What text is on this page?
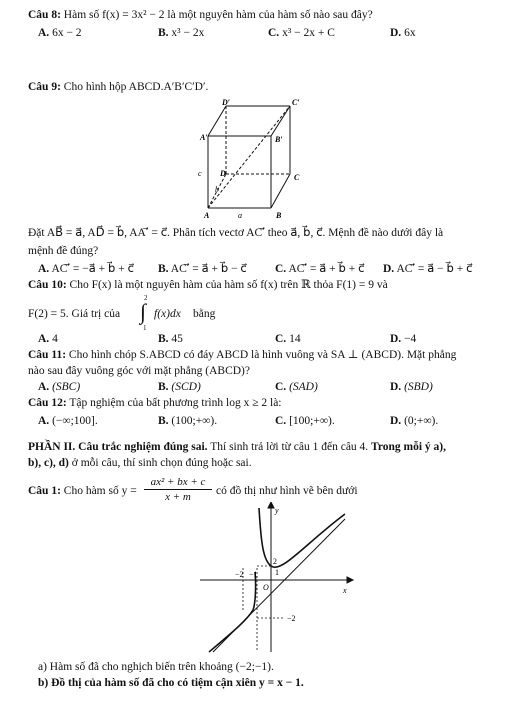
Câu 8: Hàm số f(x) = 3x² − 2 là một nguyên hàm của hàm số nào sau đây?
A. 6x − 2	B. x³ − 2x	C. x³ − 2x + C	D. 6x
Câu 9: Cho hình hộp ABCD.A′B′C′D′.
D′	C′
A′	B′
D	C
A	B
c⃗
b⃗
a⃗
Đặt AB⃗ = a⃗, AD⃗ = b⃗, AA′⃗ = c⃗. Phân tích vectơ AC′⃗ theo a⃗, b⃗, c⃗. Mệnh đề nào dưới đây là
mệnh đề đúng?
A. AC′⃗ = −a⃗ + b⃗ + c⃗ B. AC′⃗ = a⃗ + b⃗ − c⃗ C. AC′⃗ = a⃗ + b⃗ + c⃗ D. AC′⃗ = a⃗ − b⃗ + c⃗
Câu 10: Cho F(x) là một nguyên hàm của hàm số f(x) trên ℝ thỏa F(1) = 9 và
F(2) = 5. Giá trị của
2
∫
1
f(x)dx bằng
A. 4	B. 45	C. 14	D. −4
Câu 11: Cho hình chóp S.ABCD có đáy ABCD là hình vuông và SA ⊥ (ABCD). Mặt phẳng
nào sau đây vuông góc với mặt phẳng (ABCD)?
A. (SBC)	B. (SCD)	C. (SAD)	D. (SBD)
Câu 12: Tập nghiệm của bất phương trình log x ≥ 2 là:
A. (−∞;100].	B. (100;+∞).	C. [100;+∞).	D. (0;+∞).
PHẦN II. Câu trắc nghiệm đúng sai. Thí sinh trả lời từ câu 1 đến câu 4. Trong mỗi ý a),
b), c), d) ở mỗi câu, thí sinh chọn đúng hoặc sai.
Câu 1: Cho hàm số $y = \frac{\text{ax² + bx + c}}{x + m}$ có đồ thị như hình vẽ bên dưới
y
x
O
2
1
−2 −1
−2
a) Hàm số đã cho nghịch biến trên khoảng (−2;−1).
b) Đồ thị của hàm số đã cho có tiệm cận xiên y = x − 1.
